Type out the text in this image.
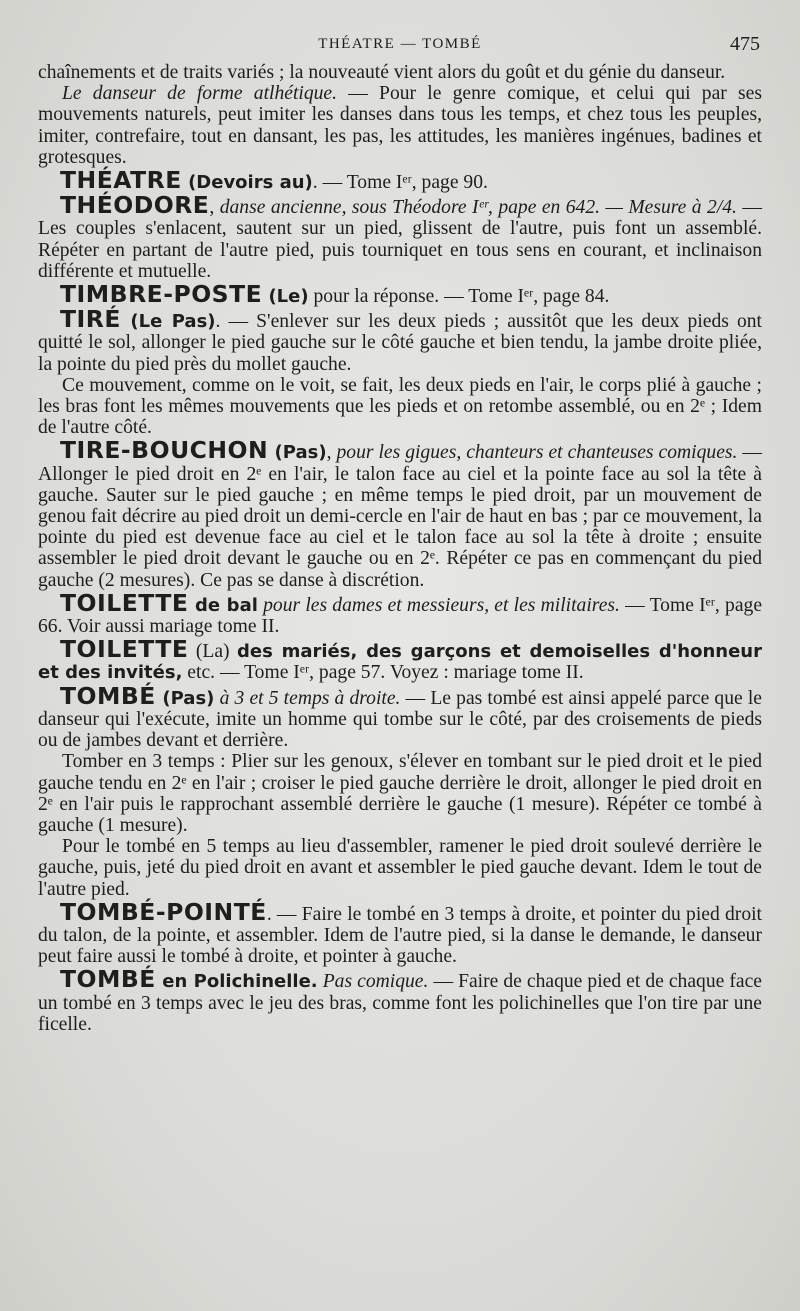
THÉATRE — TOMBÉ	475

chaînements et de traits variés ; la nouveauté vient alors du goût et du génie du danseur.

Le danseur de forme atlhétique. — Pour le genre comique, et celui qui par ses mouvements naturels, peut imiter les danses dans tous les temps, et chez tous les peuples, imiter, contrefaire, tout en dansant, les pas, les attitudes, les manières ingénues, badines et grotesques.

THÉATRE (Devoirs au). — Tome Iᵉʳ, page 90.

THÉODORE, danse ancienne, sous Théodore Iᵉʳ, pape en 642. — Mesure à 2/4. — Les couples s'enlacent, sautent sur un pied, glissent de l'autre, puis font un assemblé. Répéter en partant de l'autre pied, puis tourniquet en tous sens en courant, et inclinaison différente et mutuelle.

TIMBRE-POSTE (Le) pour la réponse. — Tome Iᵉʳ, page 84.

TIRÉ (Le Pas). — S'enlever sur les deux pieds ; aussitôt que les deux pieds ont quitté le sol, allonger le pied gauche sur le côté gauche et bien tendu, la jambe droite pliée, la pointe du pied près du mollet gauche.

Ce mouvement, comme on le voit, se fait, les deux pieds en l'air, le corps plié à gauche ; les bras font les mêmes mouvements que les pieds et on retombe assemblé, ou en 2ᵉ ; Idem de l'autre côté.

TIRE-BOUCHON (Pas), pour les gigues, chanteurs et chanteuses comiques. — Allonger le pied droit en 2ᵉ en l'air, le talon face au ciel et la pointe face au sol la tête à gauche. Sauter sur le pied gauche ; en même temps le pied droit, par un mouvement de genou fait décrire au pied droit un demi-cercle en l'air de haut en bas ; par ce mouvement, la pointe du pied est devenue face au ciel et le talon face au sol la tête à droite ; ensuite assembler le pied droit devant le gauche ou en 2ᵉ. Répéter ce pas en commençant du pied gauche (2 mesures). Ce pas se danse à discrétion.

TOILETTE de bal pour les dames et messieurs, et les militaires. — Tome Iᵉʳ, page 66. Voir aussi mariage tome II.

TOILETTE (La) des mariés, des garçons et demoiselles d'honneur et des invités, etc. — Tome Iᵉʳ, page 57. Voyez : mariage tome II.

TOMBÉ (Pas) à 3 et 5 temps à droite. — Le pas tombé est ainsi appelé parce que le danseur qui l'exécute, imite un homme qui tombe sur le côté, par des croisements de pieds ou de jambes devant et derrière.

Tomber en 3 temps : Plier sur les genoux, s'élever en tombant sur le pied droit et le pied gauche tendu en 2ᵉ en l'air ; croiser le pied gauche derrière le droit, allonger le pied droit en 2ᵉ en l'air puis le rapprochant assemblé derrière le gauche (1 mesure). Répéter ce tombé à gauche (1 mesure).

Pour le tombé en 5 temps au lieu d'assembler, ramener le pied droit soulevé derrière le gauche, puis, jeté du pied droit en avant et assembler le pied gauche devant. Idem le tout de l'autre pied.

TOMBÉ-POINTÉ. — Faire le tombé en 3 temps à droite, et pointer du pied droit du talon, de la pointe, et assembler. Idem de l'autre pied, si la danse le demande, le danseur peut faire aussi le tombé à droite, et pointer à gauche.

TOMBÉ en Polichinelle. Pas comique. — Faire de chaque pied et de chaque face un tombé en 3 temps avec le jeu des bras, comme font les polichinelles que l'on tire par une ficelle.
